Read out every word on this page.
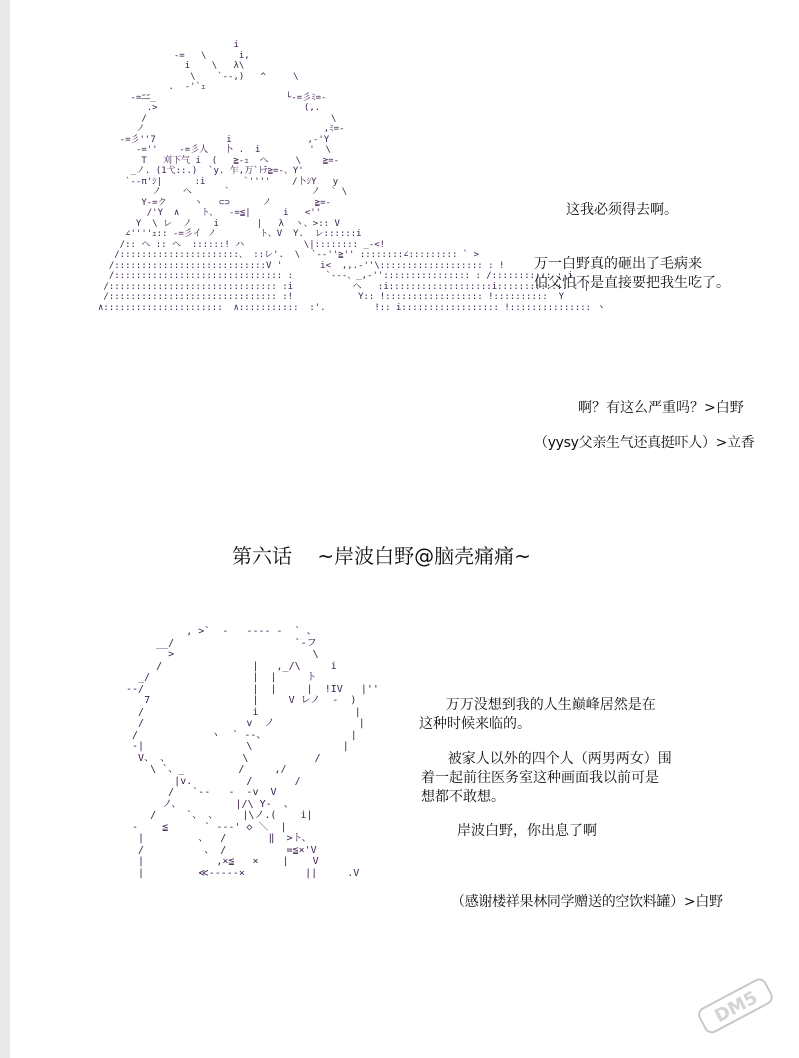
i
-=   \      i,
i    \   λ\
\    `--,)   ^     \
.  -'`ｭ
-=ﾆﾆ_                        └-=彡ﾐ=-
.>                           (,.
/                                  \
ノ                                 ,ﾐ=-
-=彡''7             i              ,-'Y
-=''    -=彡人   卜 .  i         '  \
T   刈下气 i  (   ≧-ｭ  ヘ     \    ≧=-
_ノ. (1弋::.)  `y. 乍,万`ﾄﾃ≧=-、Y'
`--π'ｼ|      :i       `''''    /卜ｼY   y
ノ    ヘ      `               ノ  ` \
Y-=ク     ヽ   ⊂⊃      ノ        ≧=-
/'Y  ∧    ト、  -=≦|      i   <''
Y  \ レ  ノ    i       |   λ  ヽ、>:: V
∠''''ｭ:: -=彡イ ノ        ト、V  Y.  レ::::::i
/:: ヘ :: ヘ  ::::::! ハ           \|:::::::: _-<!
/::::::::::::::::::::::、 ::レ'.  \  `--''≧'' ::::::::∠::::::::: ` >
/::::::::::::::::::::::::::::V '       i<  ,,.-''\::::::::::::::::::: : !
/::::::::::::::::::::::::::::::: :      `---、_,-'':::::::::::::::: : /::::::::::: : i
/::::::::::::::::::::::::::::::: :i           ヘ   :i:::::::::::::::::::i::::::::::::: : |
/::::::::::::::::::::::::::::::: :!            Y:: !:::::::::::::::::: !::::::::::  Y
∧::::::::::::::::::::::  ∧:::::::::::  :'.         !:: i:::::::::::::::::: !::::::::::::::: ヽ

这我必须得去啊。

万一白野真的砸出了毛病来
伯父怕不是直接要把我生吃了。

啊？有这么严重吗？>白野

（yysy父亲生气还真挺吓人）>立香

第六话    ~岸波白野@脑壳痛痛~
, >`  -   ---- -  ` 、
__/                    `-フ
>                       \
/               |   ,_/\     i
_/                 |  |     ト
--/                  |  |     |  !IV   |''
7                 |     V レノ  ‐  )
/                  i                |
/                 v  ノ              |
/            ヽ  ` --、              |
‐|                 \               |
V、 、            \           /
\ `、_         /     ,/
|v.         /       /
/   `--   -  -v  V
ノ、         |/\ Y-  、
/     `、 、    |\ノ.(    i|
‐    ≦      ` ---' ◇ ＼  |
|         、  /       ‖  >ト、
/          、 /          =≦×'V
|            ,×≦   ×    |    V
|         ≪-----×          ||     .V

万万没想到我的人生巅峰居然是在
这种时候来临的。

被家人以外的四个人（两男两女）围
着一起前往医务室这种画面我以前可是
想都不敢想。

岸波白野，你出息了啊

（感谢楼祥果林同学赠送的空饮料罐）>白野

DM5
